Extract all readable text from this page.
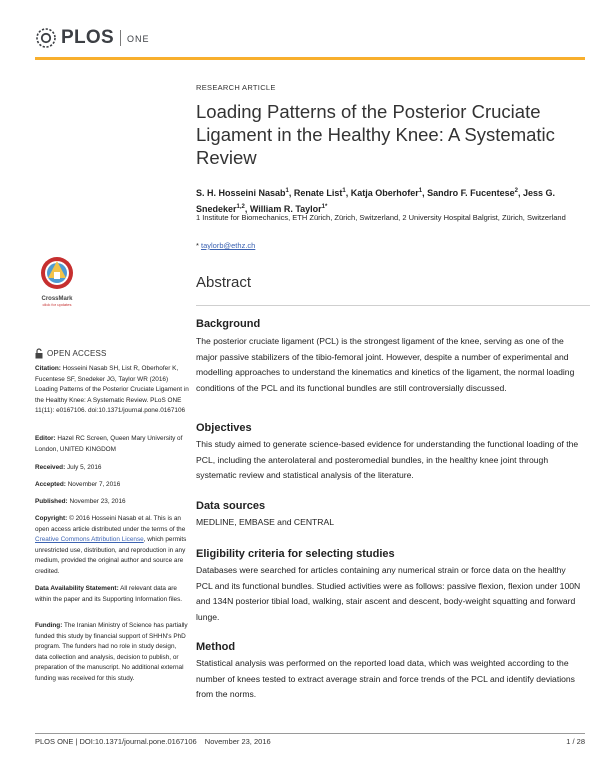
PLOS ONE
RESEARCH ARTICLE
Loading Patterns of the Posterior Cruciate Ligament in the Healthy Knee: A Systematic Review
S. H. Hosseini Nasab$^1$, Renate List$^1$, Katja Oberhofer$^1$, Sandro F. Fucentese$^2$, Jess G. Snedeker$^{1,2}$, William R. Taylor$^{1*}$
1 Institute for Biomechanics, ETH Zürich, Zürich, Switzerland, 2 University Hospital Balgrist, Zürich, Switzerland
* taylorb@ethz.ch
Abstract
Background
The posterior cruciate ligament (PCL) is the strongest ligament of the knee, serving as one of the major passive stabilizers of the tibio-femoral joint. However, despite a number of experimental and modelling approaches to understand the kinematics and kinetics of the ligament, the normal loading conditions of the PCL and its functional bundles are still controversially discussed.
Objectives
This study aimed to generate science-based evidence for understanding the functional loading of the PCL, including the anterolateral and posteromedial bundles, in the healthy knee joint through systematic review and statistical analysis of the literature.
Data sources
MEDLINE, EMBASE and CENTRAL
Eligibility criteria for selecting studies
Databases were searched for articles containing any numerical strain or force data on the healthy PCL and its functional bundles. Studied activities were as follows: passive flexion, flexion under 100N and 134N posterior tibial load, walking, stair ascent and descent, body-weight squatting and forward lunge.
Method
Statistical analysis was performed on the reported load data, which was weighted according to the number of knees tested to extract average strain and force trends of the PCL and identify deviations from the norms.
CrossMark
click for updates
OPEN ACCESS
Citation: Hosseini Nasab SH, List R, Oberhofer K, Fucentese SF, Snedeker JG, Taylor WR (2016) Loading Patterns of the Posterior Cruciate Ligament in the Healthy Knee: A Systematic Review. PLoS ONE 11(11): e0167106. doi:10.1371/journal.pone.0167106
Editor: Hazel RC Screen, Queen Mary University of London, UNITED KINGDOM
Received: July 5, 2016
Accepted: November 7, 2016
Published: November 23, 2016
Copyright: © 2016 Hosseini Nasab et al. This is an open access article distributed under the terms of the Creative Commons Attribution License, which permits unrestricted use, distribution, and reproduction in any medium, provided the original author and source are credited.
Data Availability Statement: All relevant data are within the paper and its Supporting Information files.
Funding: The Iranian Ministry of Science has partially funded this study by financial support of SHHN's PhD program. The funders had no role in study design, data collection and analysis, decision to publish, or preparation of the manuscript. No additional external funding was received for this study.
PLOS ONE | DOI:10.1371/journal.pone.0167106 November 23, 2016	1 / 28
